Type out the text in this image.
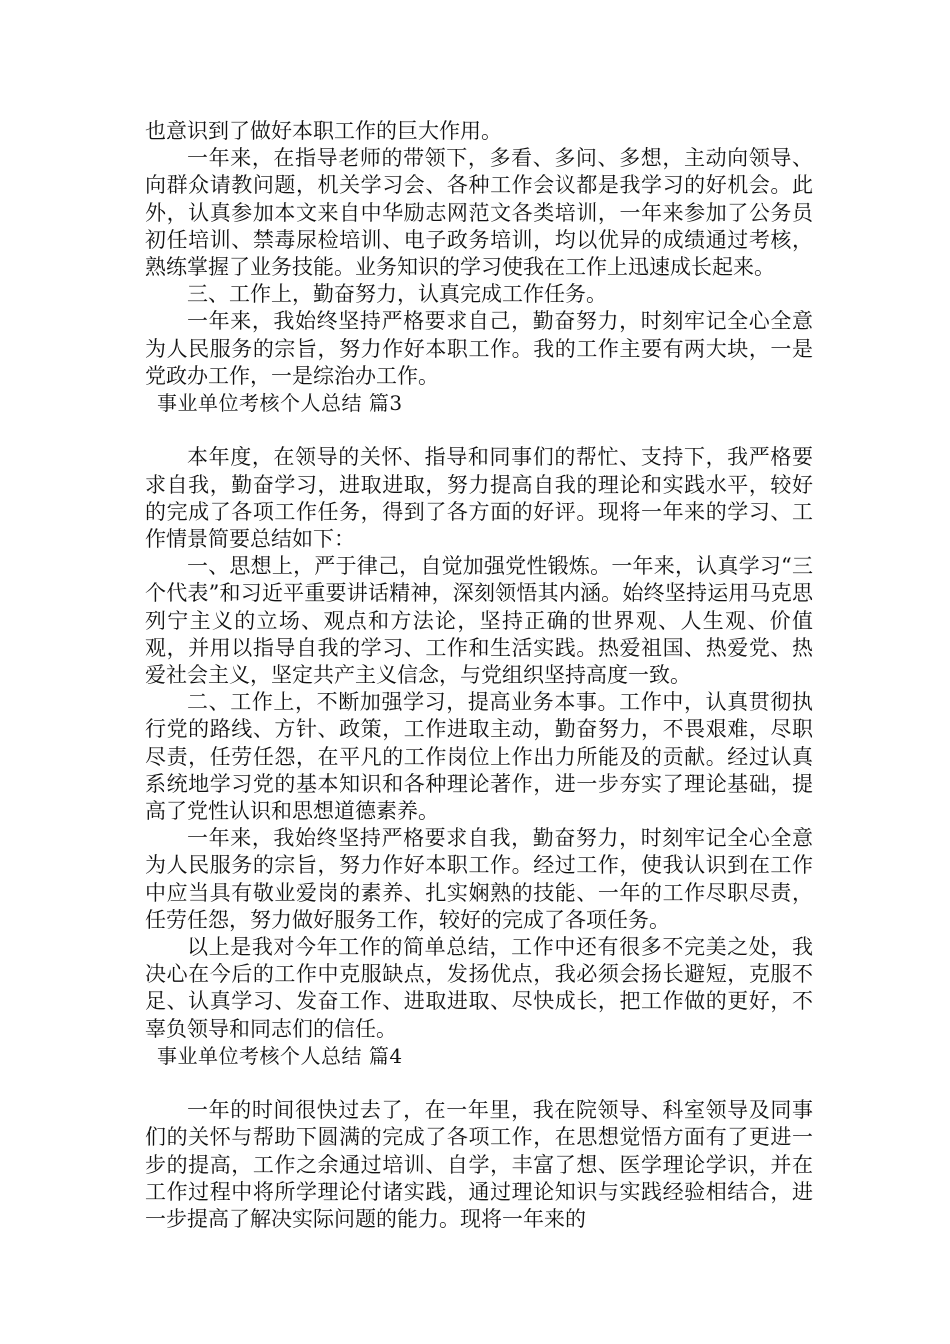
也意识到了做好本职工作的巨大作用。

一年来，在指导老师的带领下，多看、多问、多想，主动向领导、向群众请教问题，机关学习会、各种工作会议都是我学习的好机会。此外，认真参加本文来自中华励志网范文各类培训，一年来参加了公务员初任培训、禁毒尿检培训、电子政务培训，均以优异的成绩通过考核，熟练掌握了业务技能。业务知识的学习使我在工作上迅速成长起来。

三、工作上，勤奋努力，认真完成工作任务。

一年来，我始终坚持严格要求自己，勤奋努力，时刻牢记全心全意为人民服务的宗旨，努力作好本职工作。我的工作主要有两大块，一是党政办工作，一是综治办工作。

事业单位考核个人总结 篇3

本年度，在领导的关怀、指导和同事们的帮忙、支持下，我严格要求自我，勤奋学习，进取进取，努力提高自我的理论和实践水平，较好的完成了各项工作任务，得到了各方面的好评。现将一年来的学习、工作情景简要总结如下：

一、思想上，严于律己，自觉加强党性锻炼。一年来，认真学习“三个代表”和习近平重要讲话精神，深刻领悟其内涵。始终坚持运用马克思列宁主义的立场、观点和方法论，坚持正确的世界观、人生观、价值观，并用以指导自我的学习、工作和生活实践。热爱祖国、热爱党、热爱社会主义，坚定共产主义信念，与党组织坚持高度一致。

二、工作上，不断加强学习，提高业务本事。工作中，认真贯彻执行党的路线、方针、政策，工作进取主动，勤奋努力，不畏艰难，尽职尽责，任劳任怨，在平凡的工作岗位上作出力所能及的贡献。经过认真系统地学习党的基本知识和各种理论著作，进一步夯实了理论基础，提高了党性认识和思想道德素养。

一年来，我始终坚持严格要求自我，勤奋努力，时刻牢记全心全意为人民服务的宗旨，努力作好本职工作。经过工作，使我认识到在工作中应当具有敬业爱岗的素养、扎实娴熟的技能、一年的工作尽职尽责，任劳任怨，努力做好服务工作，较好的完成了各项任务。

以上是我对今年工作的简单总结，工作中还有很多不完美之处，我决心在今后的工作中克服缺点，发扬优点，我必须会扬长避短，克服不足、认真学习、发奋工作、进取进取、尽快成长，把工作做的更好，不辜负领导和同志们的信任。

事业单位考核个人总结 篇4

一年的时间很快过去了，在一年里，我在院领导、科室领导及同事们的关怀与帮助下圆满的完成了各项工作，在思想觉悟方面有了更进一步的提高，工作之余通过培训、自学，丰富了想、医学理论学识，并在工作过程中将所学理论付诸实践，通过理论知识与实践经验相结合，进一步提高了解决实际问题的能力。现将一年来的
